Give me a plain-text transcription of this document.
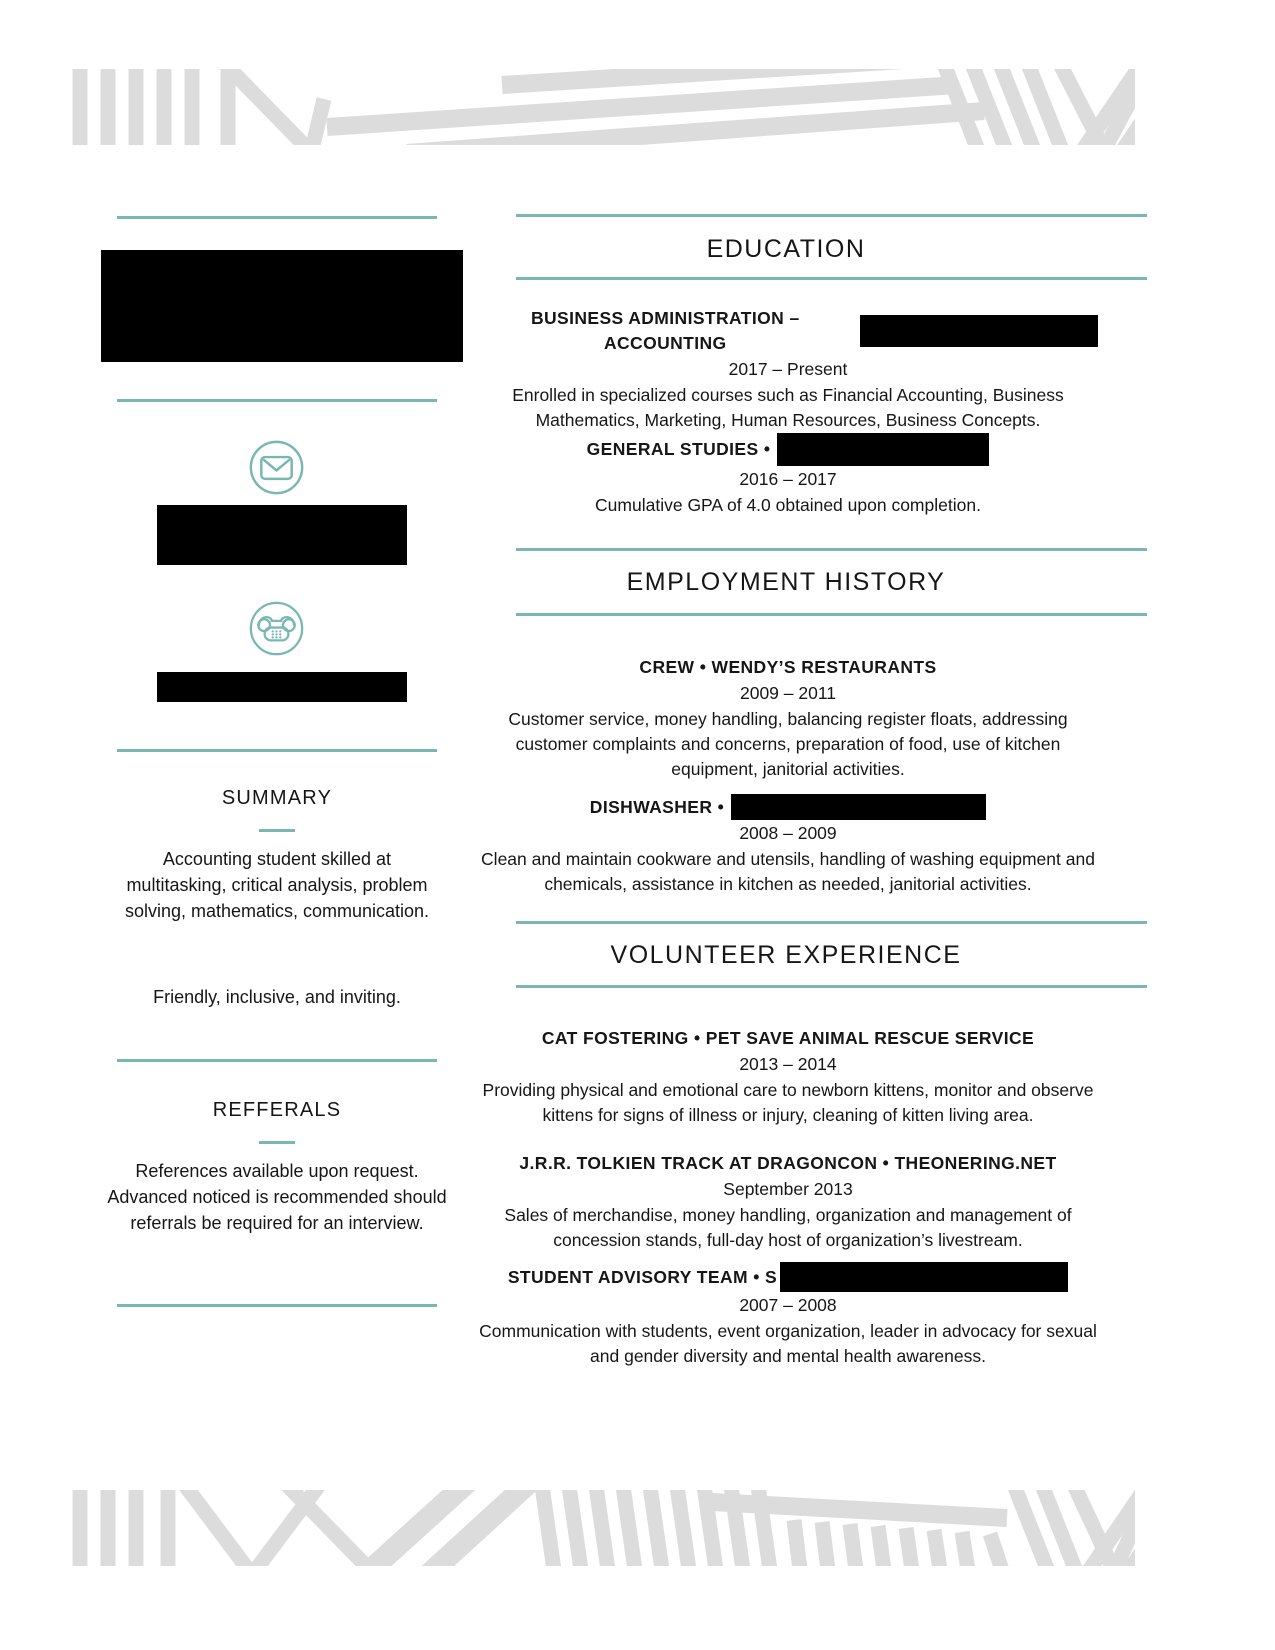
SUMMARY
Accounting student skilled at multitasking, critical analysis, problem solving, mathematics, communication.
Friendly, inclusive, and inviting.
REFFERALS
References available upon request. Advanced noticed is recommended should referrals be required for an interview.
EDUCATION
BUSINESS ADMINISTRATION – ACCOUNTING
2017 – Present
Enrolled in specialized courses such as Financial Accounting, Business Mathematics, Marketing, Human Resources, Business Concepts.
GENERAL STUDIES •
2016 – 2017
Cumulative GPA of 4.0 obtained upon completion.
EMPLOYMENT HISTORY
CREW • WENDY’S RESTAURANTS
2009 – 2011
Customer service, money handling, balancing register floats, addressing customer complaints and concerns, preparation of food, use of kitchen equipment, janitorial activities.
DISHWASHER •
2008 – 2009
Clean and maintain cookware and utensils, handling of washing equipment and chemicals, assistance in kitchen as needed, janitorial activities.
VOLUNTEER EXPERIENCE
CAT FOSTERING • PET SAVE ANIMAL RESCUE SERVICE
2013 – 2014
Providing physical and emotional care to newborn kittens, monitor and observe kittens for signs of illness or injury, cleaning of kitten living area.
J.R.R. TOLKIEN TRACK AT DRAGONCON • THEONERING.NET
September 2013
Sales of merchandise, money handling, organization and management of concession stands, full-day host of organization’s livestream.
STUDENT ADVISORY TEAM • S
2007 – 2008
Communication with students, event organization, leader in advocacy for sexual and gender diversity and mental health awareness.
